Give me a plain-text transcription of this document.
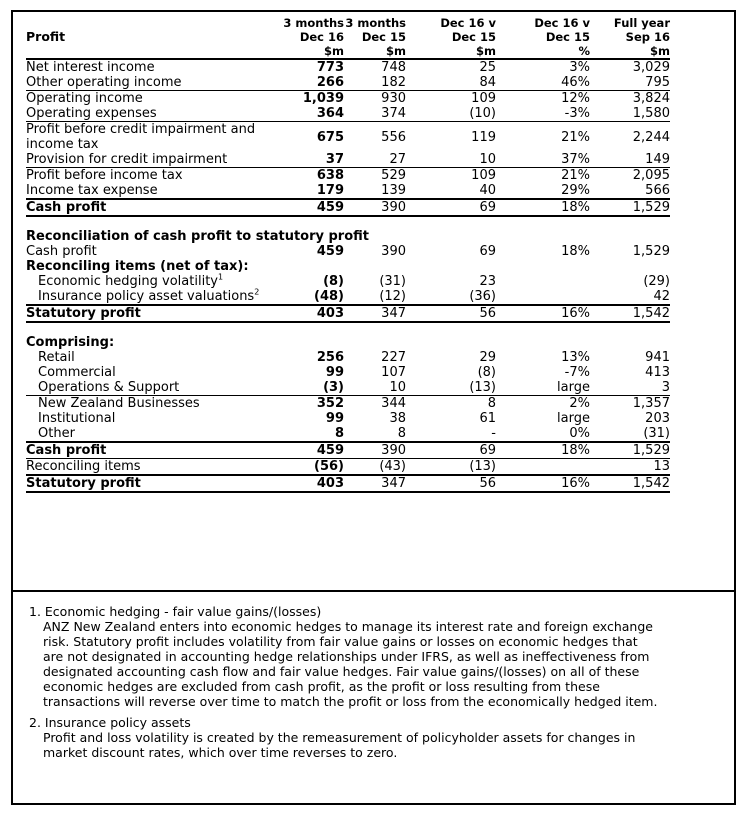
	3 months	3 months	Dec 16 v	Dec 16 v	Full year
Profit	Dec 16	Dec 15	Dec 15	Dec 15	Sep 16
	$m	$m	$m	%	$m
Net interest income	773	748	25	3%	3,029
Other operating income	266	182	84	46%	795
Operating income	1,039	930	109	12%	3,824
Operating expenses	364	374	(10)	-3%	1,580

Profit before credit impairment and
income tax	675	556	119	21%	2,244
Provision for credit impairment	37	27	10	37%	149
Profit before income tax	638	529	109	21%	2,095
Income tax expense	179	139	40	29%	566
Cash profit	459	390	69	18%	1,529

Reconciliation of cash profit to statutory profit					
Cash profit	459	390	69	18%	1,529
Reconciling items (net of tax):					
Economic hedging volatility$^1$	(8)	(31)	23		(29)
Insurance policy asset valuations$^2$	(48)	(12)	(36)		42
Statutory profit	403	347	56	16%	1,542

Comprising:					
Retail	256	227	29	13%	941
Commercial	99	107	(8)	-7%	413
Operations & Support	(3)	10	(13)	large	3
New Zealand Businesses	352	344	8	2%	1,357
Institutional	99	38	61	large	203
Other	8	8	-	0%	(31)
Cash profit	459	390	69	18%	1,529
Reconciling items	(56)	(43)	(13)		13
Statutory profit	403	347	56	16%	1,542
1. Economic hedging - fair value gains/(losses)
ANZ New Zealand enters into economic hedges to manage its interest rate and foreign exchange
risk. Statutory profit includes volatility from fair value gains or losses on economic hedges that
are not designated in accounting hedge relationships under IFRS, as well as ineffectiveness from
designated accounting cash flow and fair value hedges. Fair value gains/(losses) on all of these
economic hedges are excluded from cash profit, as the profit or loss resulting from these
transactions will reverse over time to match the profit or loss from the economically hedged item.
2. Insurance policy assets
Profit and loss volatility is created by the remeasurement of policyholder assets for changes in
market discount rates, which over time reverses to zero.
